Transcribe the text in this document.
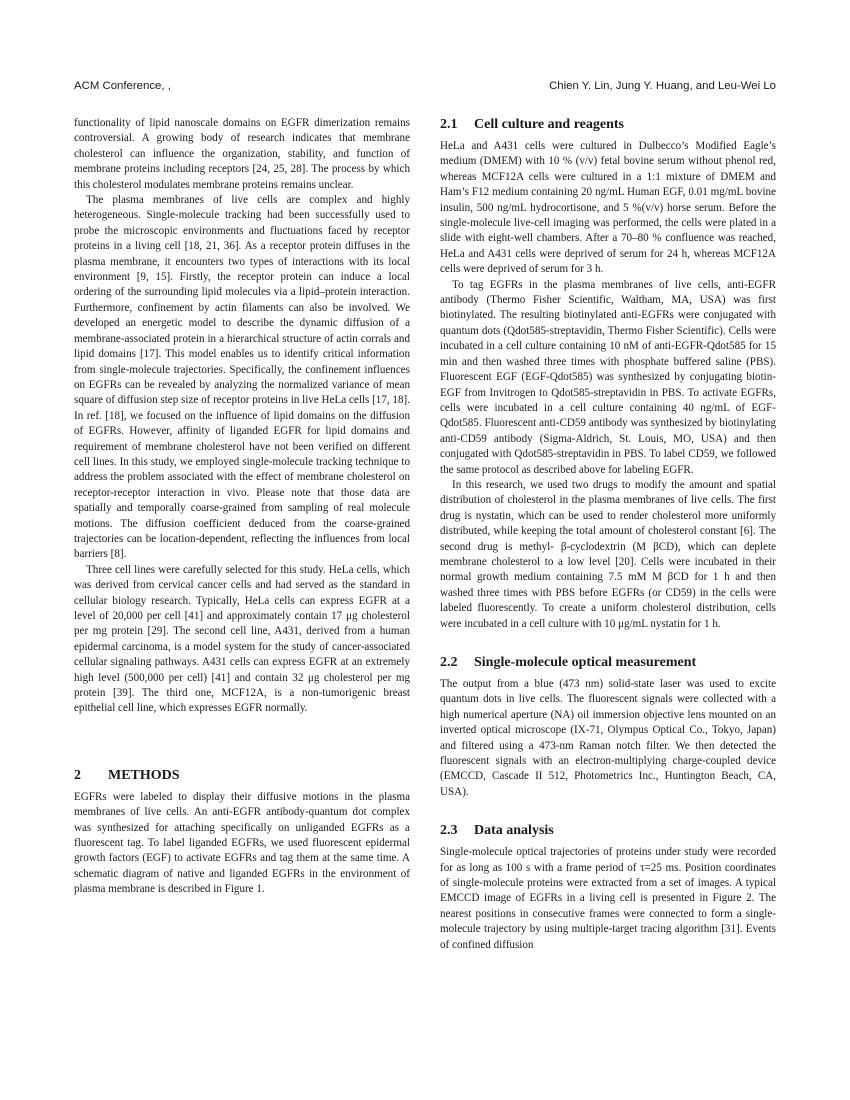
ACM Conference, ,	Chien Y. Lin, Jung Y. Huang, and Leu-Wei Lo

functionality of lipid nanoscale domains on EGFR dimerization remains controversial. A growing body of research indicates that membrane cholesterol can influence the organization, stability, and function of membrane proteins including receptors [24, 25, 28]. The process by which this cholesterol modulates membrane proteins remains unclear.

The plasma membranes of live cells are complex and highly heterogeneous. Single-molecule tracking had been successfully used to probe the microscopic environments and fluctuations faced by receptor proteins in a living cell [18, 21, 36]. As a receptor protein diffuses in the plasma membrane, it encounters two types of interactions with its local environment [9, 15]. Firstly, the receptor protein can induce a local ordering of the surrounding lipid molecules via a lipid–protein interaction. Furthermore, confinement by actin filaments can also be involved. We developed an energetic model to describe the dynamic diffusion of a membrane-associated protein in a hierarchical structure of actin corrals and lipid domains [17]. This model enables us to identify critical information from single-molecule trajectories. Specifically, the confinement influences on EGFRs can be revealed by analyzing the normalized variance of mean square of diffusion step size of receptor proteins in live HeLa cells [17, 18]. In ref. [18], we focused on the influence of lipid domains on the diffusion of EGFRs. However, affinity of liganded EGFR for lipid domains and requirement of membrane cholesterol have not been verified on different cell lines. In this study, we employed single-molecule tracking technique to address the problem associated with the effect of membrane cholesterol on receptor-receptor interaction in vivo. Please note that those data are spatially and temporally coarse-grained from sampling of real molecule motions. The diffusion coefficient deduced from the coarse-grained trajectories can be location-dependent, reflecting the influences from local barriers [8].

Three cell lines were carefully selected for this study. HeLa cells, which was derived from cervical cancer cells and had served as the standard in cellular biology research. Typically, HeLa cells can express EGFR at a level of 20,000 per cell [41] and approximately contain 17 μg cholesterol per mg protein [29]. The second cell line, A431, derived from a human epidermal carcinoma, is a model system for the study of cancer-associated cellular signaling pathways. A431 cells can express EGFR at an extremely high level (500,000 per cell) [41] and contain 32 μg cholesterol per mg protein [39]. The third one, MCF12A, is a non-tumorigenic breast epithelial cell line, which expresses EGFR normally.

2 METHODS

EGFRs were labeled to display their diffusive motions in the plasma membranes of live cells. An anti-EGFR antibody-quantum dot complex was synthesized for attaching specifically on unliganded EGFRs as a fluorescent tag. To label liganded EGFRs, we used fluorescent epidermal growth factors (EGF) to activate EGFRs and tag them at the same time. A schematic diagram of native and liganded EGFRs in the environment of plasma membrane is described in Figure 1.

2.1 Cell culture and reagents

HeLa and A431 cells were cultured in Dulbecco’s Modified Eagle’s medium (DMEM) with 10 % (v/v) fetal bovine serum without phenol red, whereas MCF12A cells were cultured in a 1:1 mixture of DMEM and Ham’s F12 medium containing 20 ng/mL Human EGF, 0.01 mg/mL bovine insulin, 500 ng/mL hydrocortisone, and 5 %(v/v) horse serum. Before the single-molecule live-cell imaging was performed, the cells were plated in a slide with eight-well chambers. After a 70–80 % confluence was reached, HeLa and A431 cells were deprived of serum for 24 h, whereas MCF12A cells were deprived of serum for 3 h.

To tag EGFRs in the plasma membranes of live cells, anti-EGFR antibody (Thermo Fisher Scientific, Waltham, MA, USA) was first biotinylated. The resulting biotinylated anti-EGFRs were conjugated with quantum dots (Qdot585-streptavidin, Thermo Fisher Scientific). Cells were incubated in a cell culture containing 10 nM of anti-EGFR-Qdot585 for 15 min and then washed three times with phosphate buffered saline (PBS). Fluorescent EGF (EGF-Qdot585) was synthesized by conjugating biotin-EGF from Invitrogen to Qdot585-streptavidin in PBS. To activate EGFRs, cells were incubated in a cell culture containing 40 ng/mL of EGF-Qdot585. Fluorescent anti-CD59 antibody was synthesized by biotinylating anti-CD59 antibody (Sigma-Aldrich, St. Louis, MO, USA) and then conjugated with Qdot585-streptavidin in PBS. To label CD59, we followed the same protocol as described above for labeling EGFR.

In this research, we used two drugs to modify the amount and spatial distribution of cholesterol in the plasma membranes of live cells. The first drug is nystatin, which can be used to render cholesterol more uniformly distributed, while keeping the total amount of cholesterol constant [6]. The second drug is methyl- β-cyclodextrin (M βCD), which can deplete membrane cholesterol to a low level [20]. Cells were incubated in their normal growth medium containing 7.5 mM M βCD for 1 h and then washed three times with PBS before EGFRs (or CD59) in the cells were labeled fluorescently. To create a uniform cholesterol distribution, cells were incubated in a cell culture with 10 μg/mL nystatin for 1 h.

2.2 Single-molecule optical measurement

The output from a blue (473 nm) solid-state laser was used to excite quantum dots in live cells. The fluorescent signals were collected with a high numerical aperture (NA) oil immersion objective lens mounted on an inverted optical microscope (IX-71, Olympus Optical Co., Tokyo, Japan) and filtered using a 473-nm Raman notch filter. We then detected the fluorescent signals with an electron-multiplying charge-coupled device (EMCCD, Cascade II 512, Photometrics Inc., Huntington Beach, CA, USA).

2.3 Data analysis

Single-molecule optical trajectories of proteins under study were recorded for as long as 100 s with a frame period of τ=25 ms. Position coordinates of single-molecule proteins were extracted from a set of images. A typical EMCCD image of EGFRs in a living cell is presented in Figure 2. The nearest positions in consecutive frames were connected to form a single-molecule trajectory by using multiple-target tracing algorithm [31]. Events of confined diffusion
